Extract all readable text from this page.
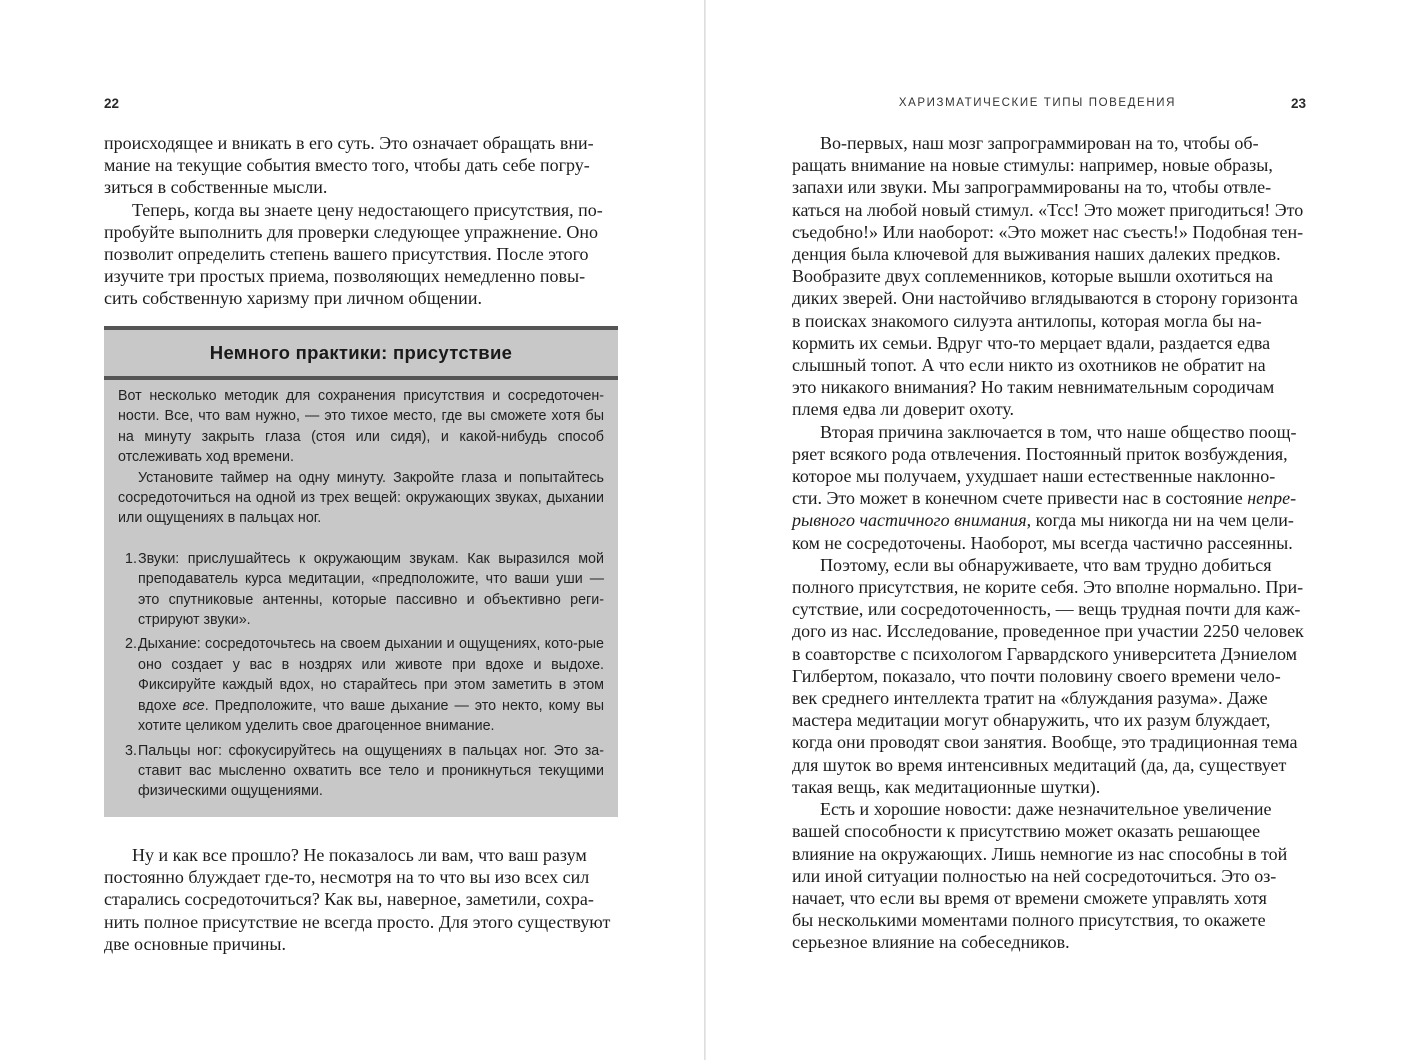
22

происходящее и вникать в его суть. Это означает обращать вни-
мание на текущие события вместо того, чтобы дать себе погру-
зиться в собственные мысли.

Теперь, когда вы знаете цену недостающего присутствия, по-
пробуйте выполнить для проверки следующее упражнение. Оно
позволит определить степень вашего присутствия. После этого
изучите три простых приема, позволяющих немедленно повы-
сить собственную харизму при личном общении.

Немного практики: присутствие

Вот несколько методик для сохранения присутствия и сосредоточен-ности. Все, что вам нужно, — это тихое место, где вы сможете хотя бы на минуту закрыть глаза (стоя или сидя), и какой-нибудь способ отслеживать ход времени.

Установите таймер на одну минуту. Закройте глаза и попытайтесь сосредоточиться на одной из трех вещей: окружающих звуках, дыхании или ощущениях в пальцах ног.

1. Звуки: прислушайтесь к окружающим звукам. Как выразился мой преподаватель курса медитации, «предположите, что ваши уши — это спутниковые антенны, которые пассивно и объективно реги-стрируют звуки».
2. Дыхание: сосредоточьтесь на своем дыхании и ощущениях, кото-рые оно создает у вас в ноздрях или животе при вдохе и выдохе. Фиксируйте каждый вдох, но старайтесь при этом заметить в этом вдохе все. Предположите, что ваше дыхание — это некто, кому вы хотите целиком уделить свое драгоценное внимание.
3. Пальцы ног: сфокусируйтесь на ощущениях в пальцах ног. Это за-ставит вас мысленно охватить все тело и проникнуться текущими физическими ощущениями.

Ну и как все прошло? Не показалось ли вам, что ваш разум
постоянно блуждает где-то, несмотря на то что вы изо всех сил
старались сосредоточиться? Как вы, наверное, заметили, сохра-
нить полное присутствие не всегда просто. Для этого существуют
две основные причины.

ХАРИЗМАТИЧЕСКИЕ ТИПЫ ПОВЕДЕНИЯ	23

Во-первых, наш мозг запрограммирован на то, чтобы об-
ращать внимание на новые стимулы: например, новые образы,
запахи или звуки. Мы запрограммированы на то, чтобы отвле-
каться на любой новый стимул. «Тсс! Это может пригодиться! Это
съедобно!» Или наоборот: «Это может нас съесть!» Подобная тен-
денция была ключевой для выживания наших далеких предков.
Вообразите двух соплеменников, которые вышли охотиться на
диких зверей. Они настойчиво вглядываются в сторону горизонта
в поисках знакомого силуэта антилопы, которая могла бы на-
кормить их семьи. Вдруг что-то мерцает вдали, раздается едва
слышный топот. А что если никто из охотников не обратит на
это никакого внимания? Но таким невнимательным сородичам
племя едва ли доверит охоту.

Вторая причина заключается в том, что наше общество поощ-
ряет всякого рода отвлечения. Постоянный приток возбуждения,
которое мы получаем, ухудшает наши естественные наклонно-
сти. Это может в конечном счете привести нас в состояние непре-
рывного частичного внимания, когда мы никогда ни на чем цели-
ком не сосредоточены. Наоборот, мы всегда частично рассеянны.

Поэтому, если вы обнаруживаете, что вам трудно добиться
полного присутствия, не корите себя. Это вполне нормально. При-
сутствие, или сосредоточенность, — вещь трудная почти для каж-
дого из нас. Исследование, проведенное при участии 2250 человек
в соавторстве с психологом Гарвардского университета Дэниелом
Гилбертом, показало, что почти половину своего времени чело-
век среднего интеллекта тратит на «блуждания разума». Даже
мастера медитации могут обнаружить, что их разум блуждает,
когда они проводят свои занятия. Вообще, это традиционная тема
для шуток во время интенсивных медитаций (да, да, существует
такая вещь, как медитационные шутки).

Есть и хорошие новости: даже незначительное увеличение
вашей способности к присутствию может оказать решающее
влияние на окружающих. Лишь немногие из нас способны в той
или иной ситуации полностью на ней сосредоточиться. Это оз-
начает, что если вы время от времени сможете управлять хотя
бы несколькими моментами полного присутствия, то окажете
серьезное влияние на собеседников.
